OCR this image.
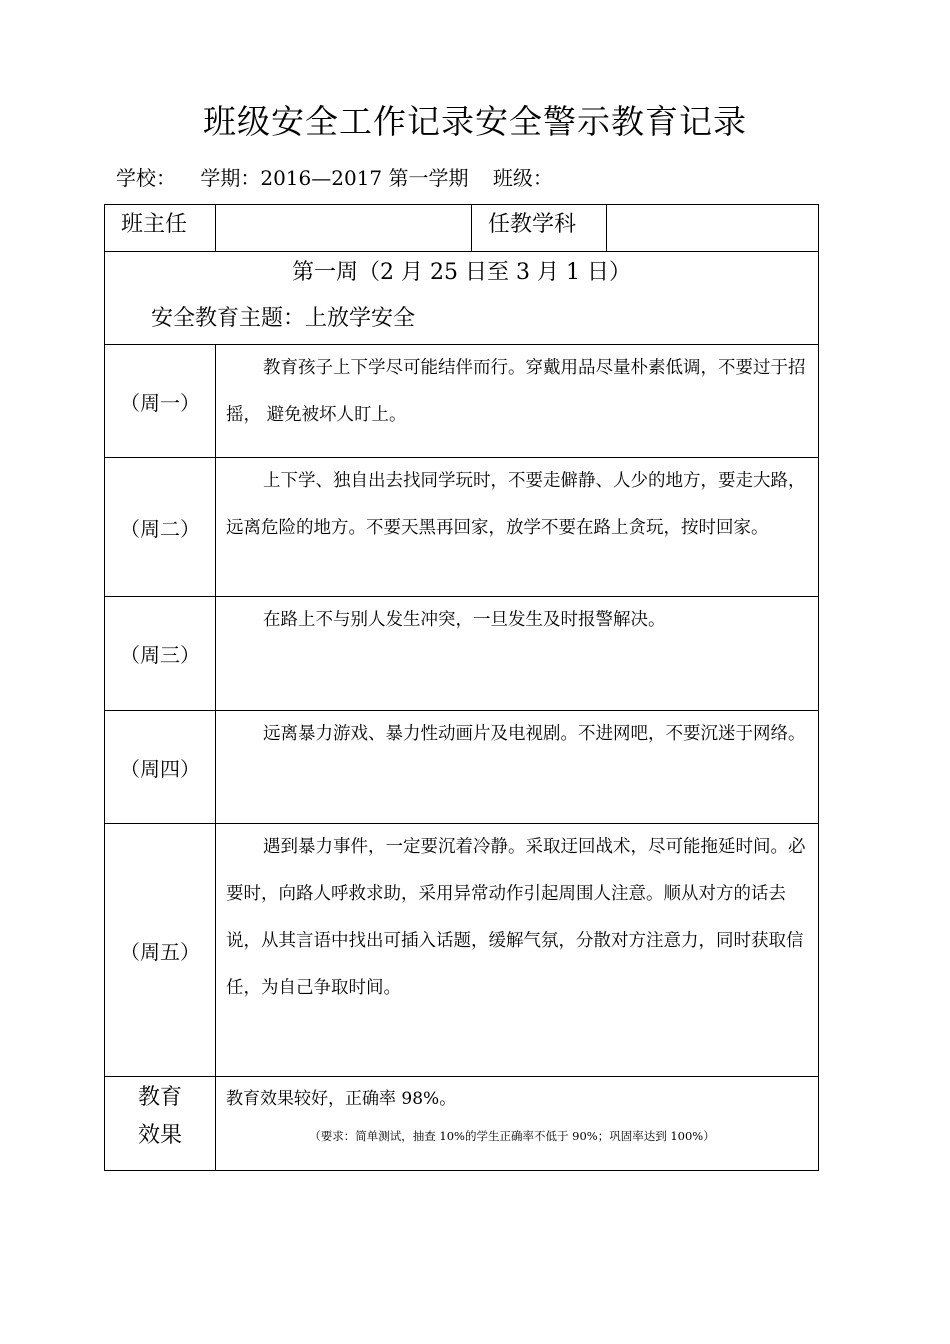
班级安全工作记录安全警示教育记录
学校： 学期：2016—2017 第一学期 班级：
班主任	任教学科
第一周（2 月 25 日至 3 月 1 日）
安全教育主题：上放学安全
（周一）
教育孩子上下学尽可能结伴而行。穿戴用品尽量朴素低调，不要过于招摇， 避免被坏人盯上。
（周二）
上下学、独自出去找同学玩时，不要走僻静、人少的地方，要走大路，远离危险的地方。不要天黑再回家，放学不要在路上贪玩，按时回家。
（周三）
在路上不与别人发生冲突，一旦发生及时报警解决。
（周四）
远离暴力游戏、暴力性动画片及电视剧。不进网吧，不要沉迷于网络。
（周五）
遇到暴力事件，一定要沉着冷静。采取迂回战术，尽可能拖延时间。必要时，向路人呼救求助，采用异常动作引起周围人注意。顺从对方的话去说，从其言语中找出可插入话题，缓解气氛，分散对方注意力，同时获取信任，为自己争取时间。
教育
效果
教育效果较好，正确率 98%。
（要求：简单测试，抽查 10%的学生正确率不低于 90%；巩固率达到 100%）
